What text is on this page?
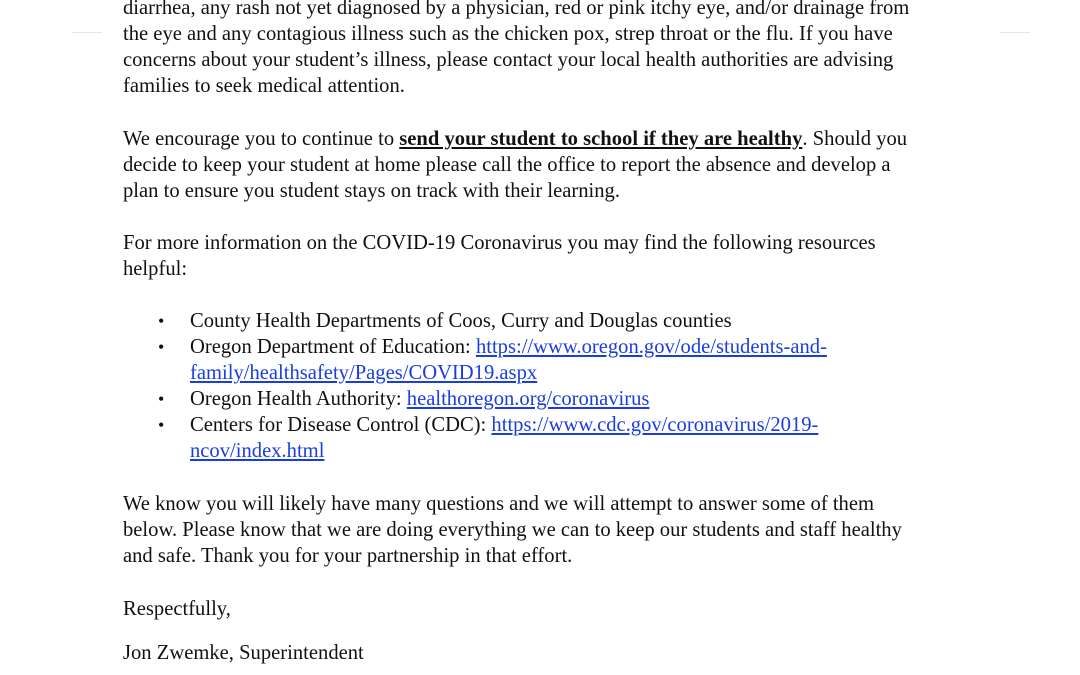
diarrhea, any rash not yet diagnosed by a physician, red or pink itchy eye, and/or drainage from
the eye and any contagious illness such as the chicken pox, strep throat or the flu. If you have
concerns about your student’s illness, please contact your local health authorities are advising
families to seek medical attention.
We encourage you to continue to send your student to school if they are healthy. Should you
decide to keep your student at home please call the office to report the absence and develop a
plan to ensure you student stays on track with their learning.
For more information on the COVID-19 Coronavirus you may find the following resources
helpful:
• County Health Departments of Coos, Curry and Douglas counties
• Oregon Department of Education: https://www.oregon.gov/ode/students-and-
family/healthsafety/Pages/COVID19.aspx
• Oregon Health Authority: healthoregon.org/coronavirus
• Centers for Disease Control (CDC): https://www.cdc.gov/coronavirus/2019-
ncov/index.html
We know you will likely have many questions and we will attempt to answer some of them
below. Please know that we are doing everything we can to keep our students and staff healthy
and safe. Thank you for your partnership in that effort.
Respectfully,
Jon Zwemke, Superintendent
